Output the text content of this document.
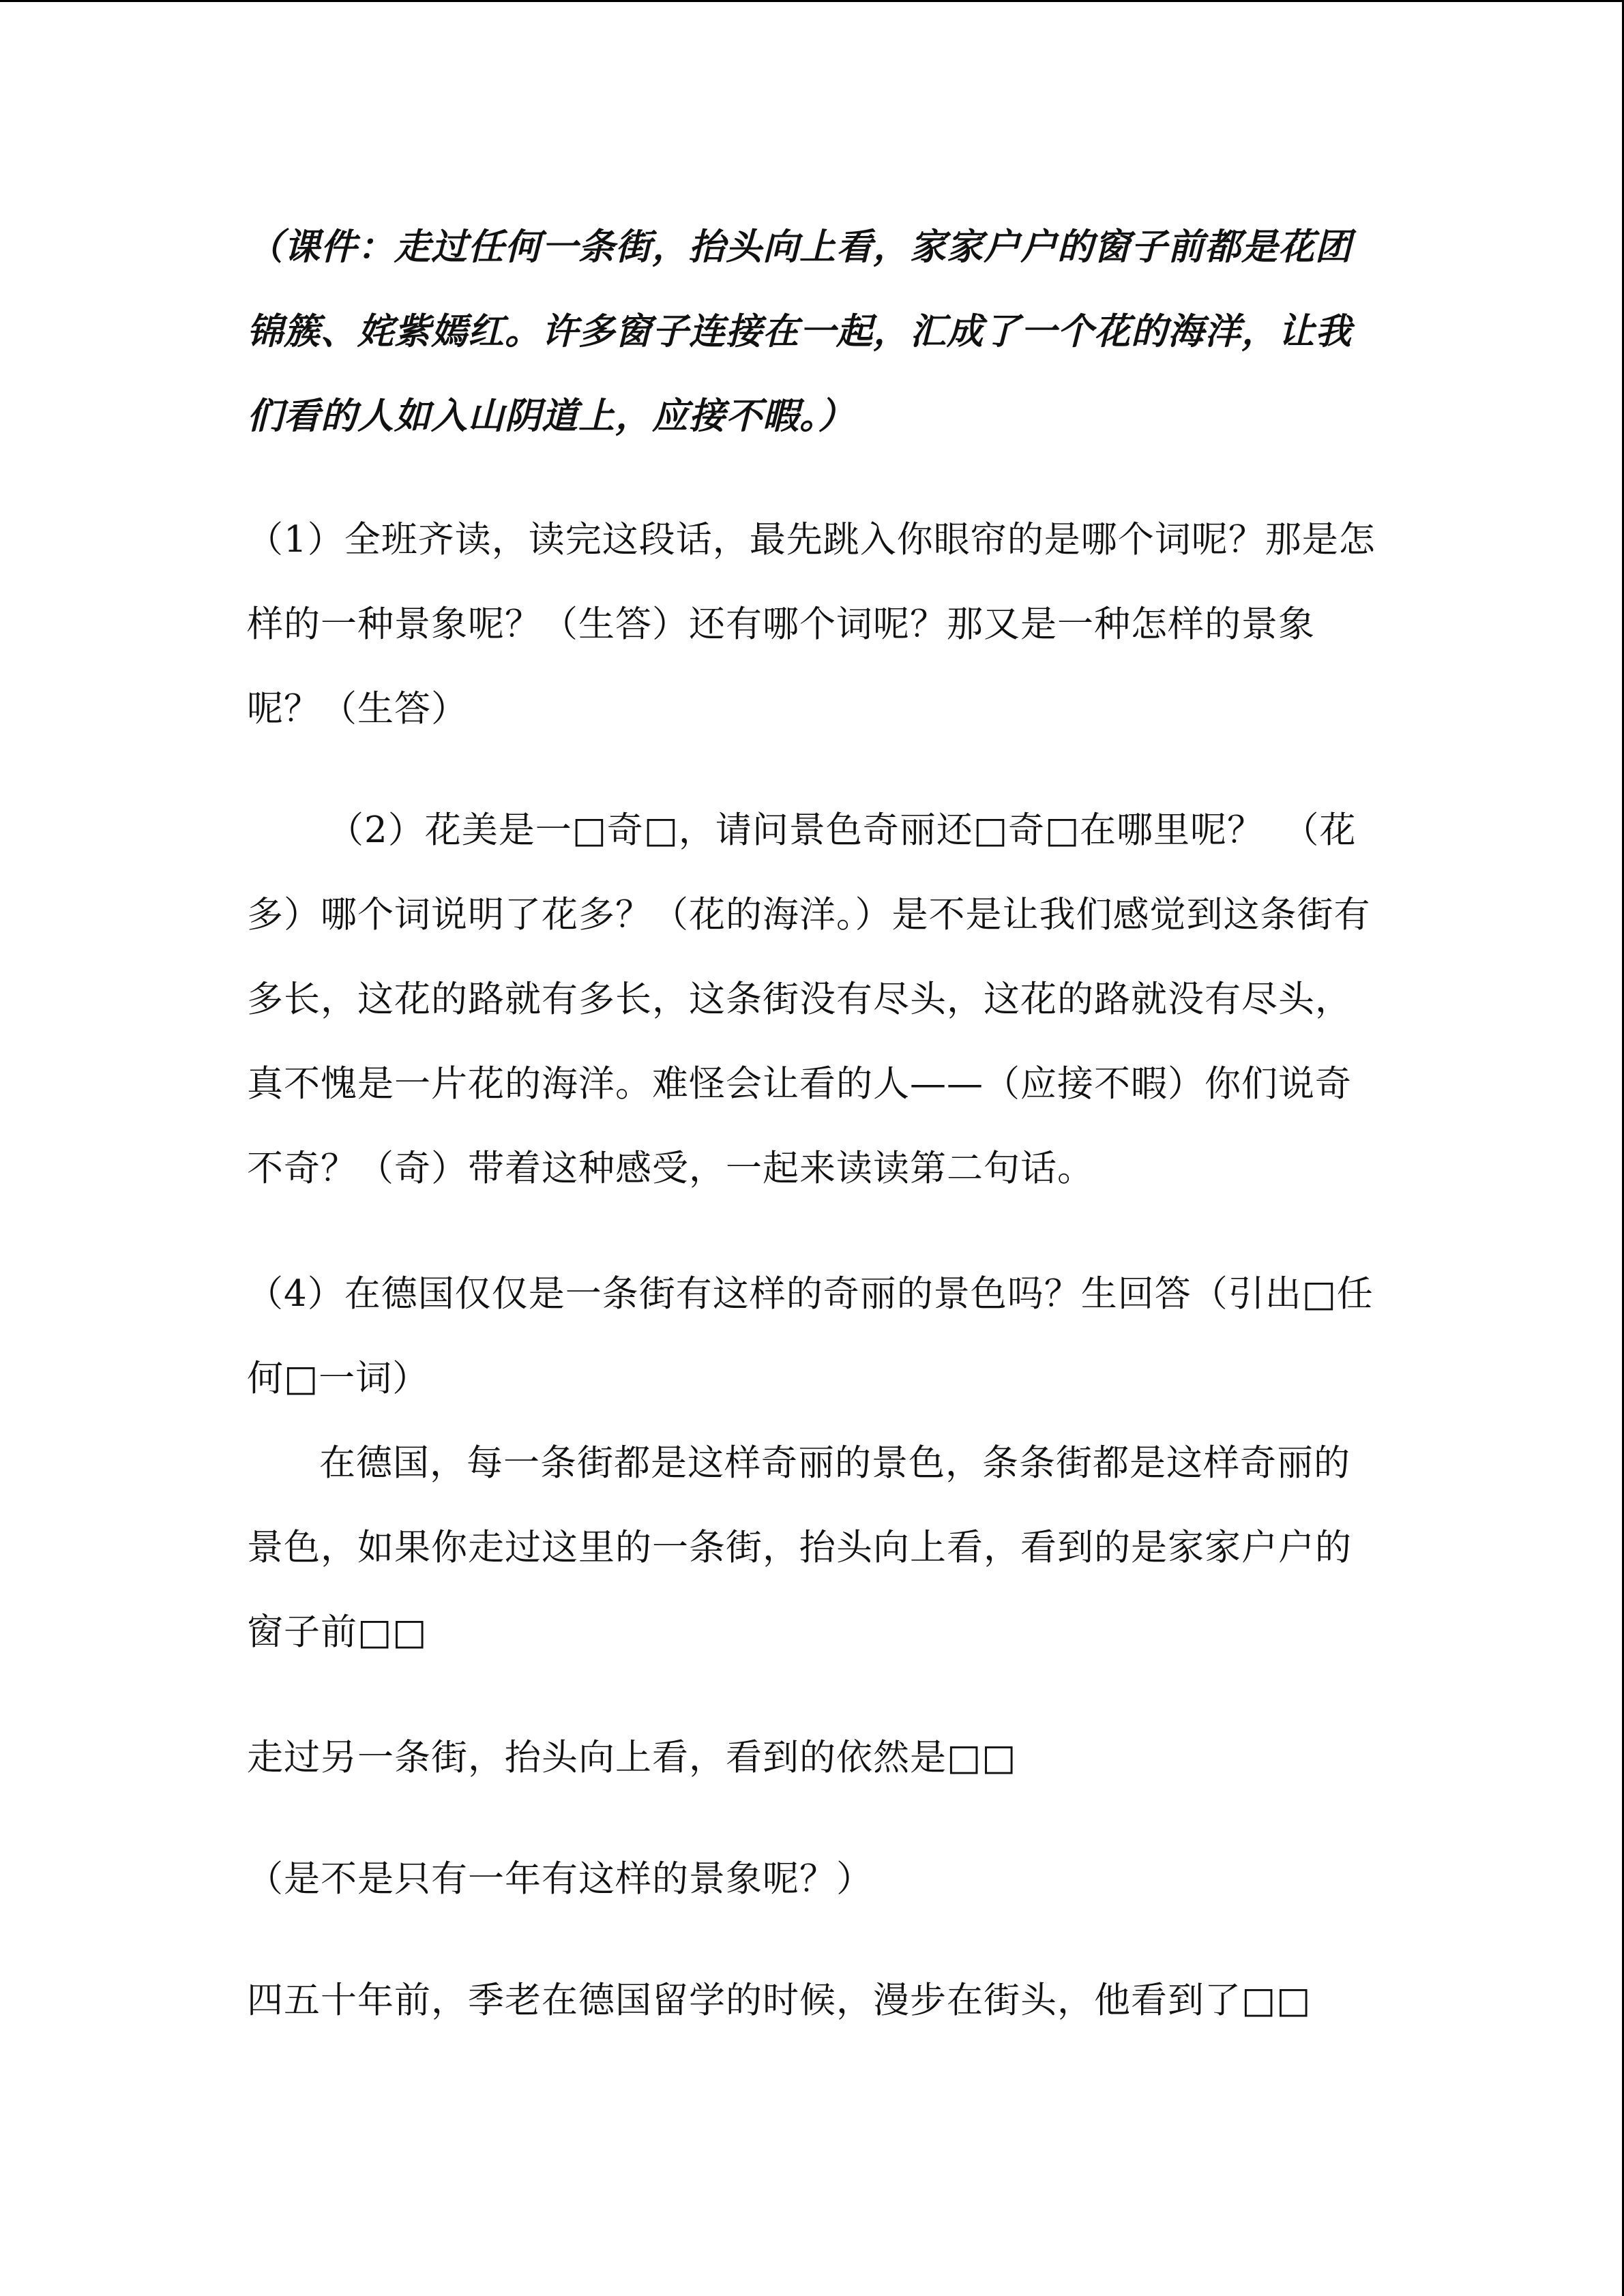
（课件：走过任何一条街，抬头向上看，家家户户的窗子前都是花团锦簇、姹紫嫣红。许多窗子连接在一起，汇成了一个花的海洋，让我们看的人如入山阴道上，应接不暇。）

（1）全班齐读，读完这段话，最先跳入你眼帘的是哪个词呢？那是怎样的一种景象呢？（生答）还有哪个词呢？那又是一种怎样的景象呢？（生答）

（2）花美是一□奇□，请问景色奇丽还□奇□在哪里呢？　（花多）哪个词说明了花多？（花的海洋。）是不是让我们感觉到这条街有多长，这花的路就有多长，这条街没有尽头，这花的路就没有尽头，真不愧是一片花的海洋。难怪会让看的人——（应接不暇）你们说奇不奇？（奇）带着这种感受，一起来读读第二句话。

（4）在德国仅仅是一条街有这样的奇丽的景色吗？生回答（引出□任何□一词）

在德国，每一条街都是这样奇丽的景色，条条街都是这样奇丽的景色，如果你走过这里的一条街，抬头向上看，看到的是家家户户的窗子前□□

走过另一条街，抬头向上看，看到的依然是□□

（是不是只有一年有这样的景象呢？）

四五十年前，季老在德国留学的时候，漫步在街头，他看到了□□
